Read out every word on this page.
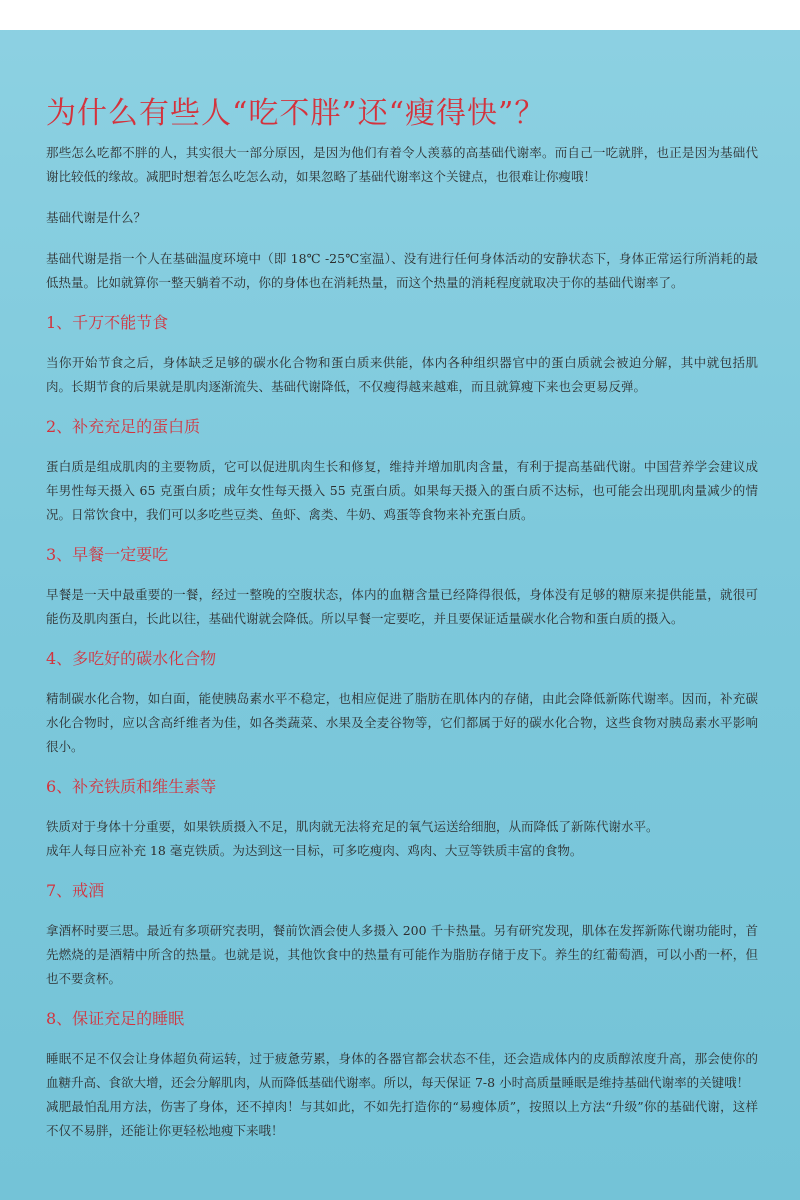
为什么有些人“吃不胖”还“瘦得快”？

那些怎么吃都不胖的人，其实很大一部分原因，是因为他们有着令人羡慕的高基础代谢率。而自己一吃就胖，也正是因为基础代谢比较低的缘故。减肥时想着怎么吃怎么动，如果忽略了基础代谢率这个关键点，也很难让你瘦哦！

基础代谢是什么？

基础代谢是指一个人在基础温度环境中（即 18℃ -25℃室温）、没有进行任何身体活动的安静状态下，身体正常运行所消耗的最低热量。比如就算你一整天躺着不动，你的身体也在消耗热量，而这个热量的消耗程度就取决于你的基础代谢率了。

1、千万不能节食

当你开始节食之后，身体缺乏足够的碳水化合物和蛋白质来供能，体内各种组织器官中的蛋白质就会被迫分解，其中就包括肌肉。长期节食的后果就是肌肉逐渐流失、基础代谢降低，不仅瘦得越来越难，而且就算瘦下来也会更易反弹。

2、补充充足的蛋白质

蛋白质是组成肌肉的主要物质，它可以促进肌肉生长和修复，维持并增加肌肉含量，有利于提高基础代谢。中国营养学会建议成年男性每天摄入 65 克蛋白质；成年女性每天摄入 55 克蛋白质。如果每天摄入的蛋白质不达标，也可能会出现肌肉量减少的情况。日常饮食中，我们可以多吃些豆类、鱼虾、禽类、牛奶、鸡蛋等食物来补充蛋白质。

3、早餐一定要吃

早餐是一天中最重要的一餐，经过一整晚的空腹状态，体内的血糖含量已经降得很低，身体没有足够的糖原来提供能量，就很可能伤及肌肉蛋白，长此以往，基础代谢就会降低。所以早餐一定要吃，并且要保证适量碳水化合物和蛋白质的摄入。

4、多吃好的碳水化合物

精制碳水化合物，如白面，能使胰岛素水平不稳定，也相应促进了脂肪在肌体内的存储，由此会降低新陈代谢率。因而，补充碳水化合物时，应以含高纤维者为佳，如各类蔬菜、水果及全麦谷物等，它们都属于好的碳水化合物，这些食物对胰岛素水平影响很小。

6、补充铁质和维生素等

铁质对于身体十分重要，如果铁质摄入不足，肌肉就无法将充足的氧气运送给细胞，从而降低了新陈代谢水平。
成年人每日应补充 18 毫克铁质。为达到这一目标，可多吃瘦肉、鸡肉、大豆等铁质丰富的食物。

7、戒酒

拿酒杯时要三思。最近有多项研究表明，餐前饮酒会使人多摄入 200 千卡热量。另有研究发现，肌体在发挥新陈代谢功能时，首先燃烧的是酒精中所含的热量。也就是说，其他饮食中的热量有可能作为脂肪存储于皮下。养生的红葡萄酒，可以小酌一杯，但也不要贪杯。

8、保证充足的睡眠

睡眠不足不仅会让身体超负荷运转，过于疲惫劳累，身体的各器官都会状态不佳，还会造成体内的皮质醇浓度升高，那会使你的血糖升高、食欲大增，还会分解肌肉，从而降低基础代谢率。所以，每天保证 7-8 小时高质量睡眠是维持基础代谢率的关键哦！
减肥最怕乱用方法，伤害了身体，还不掉肉！与其如此，不如先打造你的“易瘦体质”，按照以上方法“升级”你的基础代谢，这样不仅不易胖，还能让你更轻松地瘦下来哦！
